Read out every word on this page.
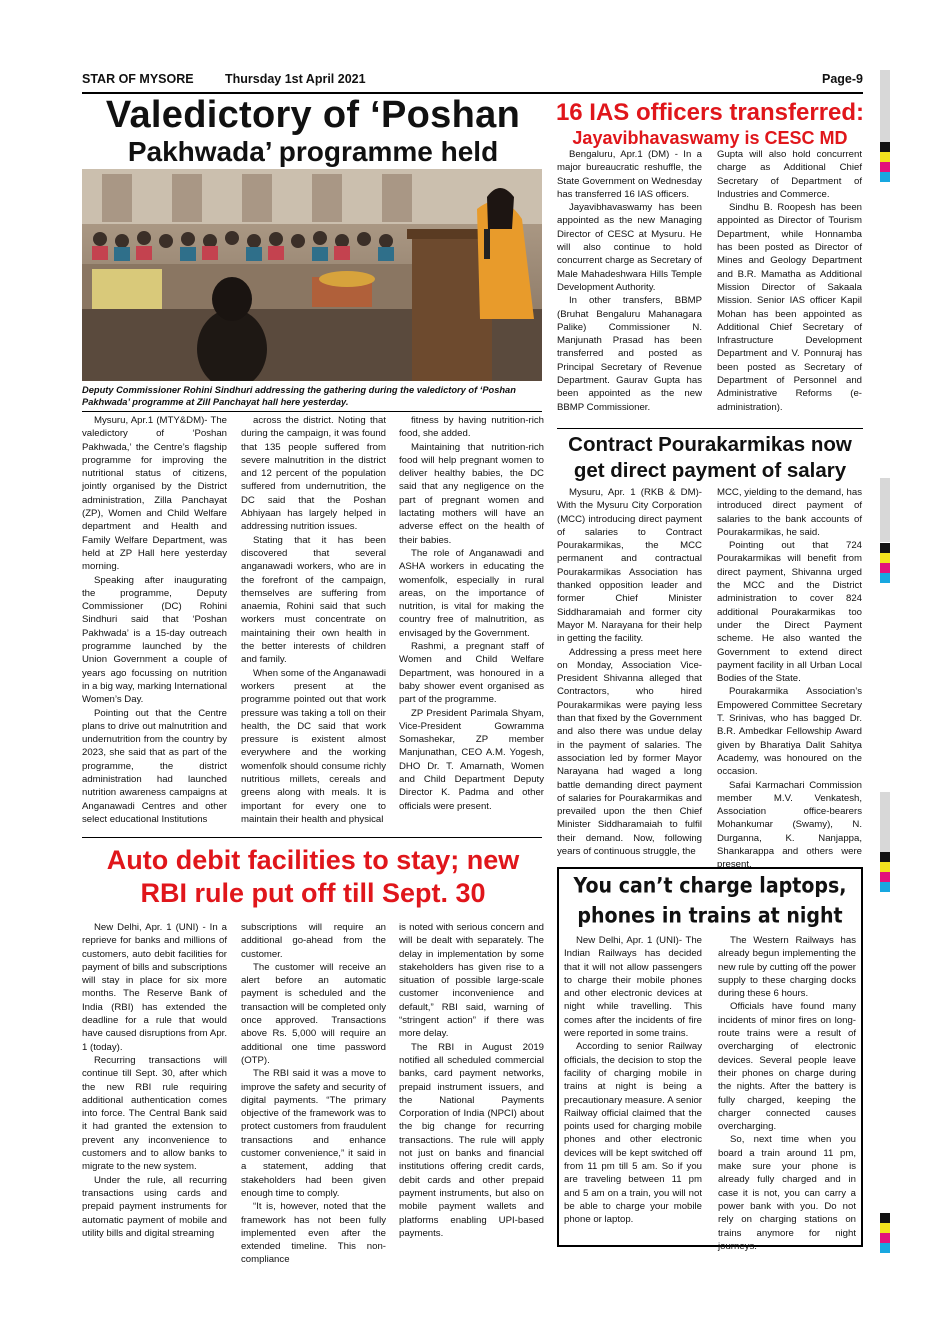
STAR OF MYSORE	Thursday 1st April 2021	Page-9
Valedictory of ‘Poshan
Pakhwada’ programme held
Deputy Commissioner Rohini Sindhuri addressing the gathering during the valedictory of ‘Poshan Pakhwada’ programme at Zill Panchayat hall here yesterday.

Mysuru, Apr.1 (MTY&DM)- The valedictory of ‘Poshan Pakhwada,’ the Centre’s flagship programme for improving the nutritional status of citizens, jointly organised by the District administration, Zilla Panchayat (ZP), Women and Child Welfare department and Health and Family Welfare Department, was held at ZP Hall here yesterday morning.

Speaking after inaugurating the programme, Deputy Commissioner (DC) Rohini Sindhuri said that ‘Poshan Pakhwada’ is a 15-day outreach programme launched by the Union Government a couple of years ago focussing on nutrition in a big way, marking International Women’s Day.

Pointing out that the Centre plans to drive out malnutrition and undernutrition from the country by 2023, she said that as part of the programme, the district administration had launched nutrition awareness campaigns at Anganawadi Centres and other select educational Institutions

across the district. Noting that during the campaign, it was found that 135 people suffered from severe malnutrition in the district and 12 percent of the population suffered from undernutrition, the DC said that the Poshan Abhiyaan has largely helped in addressing nutrition issues.

Stating that it has been discovered that several anganawadi workers, who are in the forefront of the campaign, themselves are suffering from anaemia, Rohini said that such workers must concentrate on maintaining their own health in the better interests of children and family.

When some of the Anganawadi workers present at the programme pointed out that work pressure was taking a toll on their health, the DC said that work pressure is existent almost everywhere and the working womenfolk should consume richly nutritious millets, cereals and greens along with meals. It is important for every one to maintain their health and physical

fitness by having nutrition-rich food, she added.

Maintaining that nutrition-rich food will help pregnant women to deliver healthy babies, the DC said that any negligence on the part of pregnant women and lactating mothers will have an adverse effect on the health of their babies.

The role of Anganawadi and ASHA workers in educating the womenfolk, especially in rural areas, on the importance of nutrition, is vital for making the country free of malnutrition, as envisaged by the Government.

Rashmi, a pregnant staff of Women and Child Welfare Department, was honoured in a baby shower event organised as part of the programme.

ZP President Parimala Shyam, Vice-President Gowramma Somashekar, ZP member Manjunathan, CEO A.M. Yogesh, DHO Dr. T. Amarnath, Women and Child Department Deputy Director K. Padma and other officials were present.

16 IAS officers transferred:
Jayavibhavaswamy is CESC MD

Bengaluru, Apr.1 (DM) - In a major bureaucratic reshuffle, the State Government on Wednesday has transferred 16 IAS officers.

Jayavibhavaswamy has been appointed as the new Managing Director of CESC at Mysuru. He will also continue to hold concurrent charge as Secretary of Male Mahadeshwara Hills Temple Development Authority.

In other transfers, BBMP (Bruhat Bengaluru Mahanagara Palike) Commissioner N. Manjunath Prasad has been transferred and posted as Principal Secretary of Revenue Department. Gaurav Gupta has been appointed as the new BBMP Commissioner.

Gupta will also hold concurrent charge as Additional Chief Secretary of Department of Industries and Commerce.

Sindhu B. Roopesh has been appointed as Director of Tourism Department, while Honnamba has been posted as Director of Mines and Geology Department and B.R. Mamatha as Additional Mission Director of Sakaala Mission. Senior IAS officer Kapil Mohan has been appointed as Additional Chief Secretary of Infrastructure Development Department and V. Ponnuraj has been posted as Secretary of Department of Personnel and Administrative Reforms (e-administration).

Contract Pourakarmikas now
get direct payment of salary

Mysuru, Apr. 1 (RKB & DM)- With the Mysuru City Corporation (MCC) introducing direct payment of salaries to Contract Pourakarmikas, the MCC permanent and contractual Pourakarmikas Association has thanked opposition leader and former Chief Minister Siddharamaiah and former city Mayor M. Narayana for their help in getting the facility.

Addressing a press meet here on Monday, Association Vice-President Shivanna alleged that Contractors, who hired Pourakarmikas were paying less than that fixed by the Government and also there was undue delay in the payment of salaries. The association led by former Mayor Narayana had waged a long battle demanding direct payment of salaries for Pourakarmikas and prevailed upon the then Chief Minister Siddharamaiah to fulfil their demand. Now, following years of continuous struggle, the

MCC, yielding to the demand, has introduced direct payment of salaries to the bank accounts of Pourakarmikas, he said.

Pointing out that 724 Pourakarmikas will benefit from direct payment, Shivanna urged the MCC and the District administration to cover 824 additional Pourakarmikas too under the Direct Payment scheme. He also wanted the Government to extend direct payment facility in all Urban Local Bodies of the State.

Pourakarmika Association’s Empowered Committee Secretary T. Srinivas, who has bagged Dr. B.R. Ambedkar Fellowship Award given by Bharatiya Dalit Sahitya Academy, was honoured on the occasion.

Safai Karmachari Commission member M.V. Venkatesh, Association office-bearers Mohankumar (Swamy), N. Durganna, K. Nanjappa, Shankarappa and others were present.

Auto debit facilities to stay; new
RBI rule put off till Sept. 30

New Delhi, Apr. 1 (UNI) - In a reprieve for banks and millions of customers, auto debit facilities for payment of bills and subscriptions will stay in place for six more months. The Reserve Bank of India (RBI) has extended the deadline for a rule that would have caused disruptions from Apr. 1 (today).

Recurring transactions will continue till Sept. 30, after which the new RBI rule requiring additional authentication comes into force. The Central Bank said it had granted the extension to prevent any inconvenience to customers and to allow banks to migrate to the new system.

Under the rule, all recurring transactions using cards and prepaid payment instruments for automatic payment of mobile and utility bills and digital streaming

subscriptions will require an additional go-ahead from the customer.

The customer will receive an alert before an automatic payment is scheduled and the transaction will be completed only once approved. Transactions above Rs. 5,000 will require an additional one time password (OTP).

The RBI said it was a move to improve the safety and security of digital payments. “The primary objective of the framework was to protect customers from fraudulent transactions and enhance customer convenience,” it said in a statement, adding that stakeholders had been given enough time to comply.

“It is, however, noted that the framework has not been fully implemented even after the extended timeline. This non-compliance

is noted with serious concern and will be dealt with separately. The delay in implementation by some stakeholders has given rise to a situation of possible large-scale customer inconvenience and default,” RBI said, warning of “stringent action” if there was more delay.

The RBI in August 2019 notified all scheduled commercial banks, card payment networks, prepaid instrument issuers, and the National Payments Corporation of India (NPCI) about the big change for recurring transactions. The rule will apply not just on banks and financial institutions offering credit cards, debit cards and other prepaid payment instruments, but also on mobile payment wallets and platforms enabling UPI-based payments.

You can’t charge laptops,
phones in trains at night

New Delhi, Apr. 1 (UNI)- The Indian Railways has decided that it will not allow passengers to charge their mobile phones and other electronic devices at night while travelling. This comes after the incidents of fire were reported in some trains.

According to senior Railway officials, the decision to stop the facility of charging mobile in trains at night is being a precautionary measure. A senior Railway official claimed that the points used for charging mobile phones and other electronic devices will be kept switched off from 11 pm till 5 am. So if you are traveling between 11 pm and 5 am on a train, you will not be able to charge your mobile phone or laptop.

The Western Railways has already begun implementing the new rule by cutting off the power supply to these charging docks during these 6 hours.

Officials have found many incidents of minor fires on long-route trains were a result of overcharging of electronic devices. Several people leave their phones on charge during the nights. After the battery is fully charged, keeping the charger connected causes overcharging.

So, next time when you board a train around 11 pm, make sure your phone is already fully charged and in case it is not, you can carry a power bank with you. Do not rely on charging stations on trains anymore for night journeys.
